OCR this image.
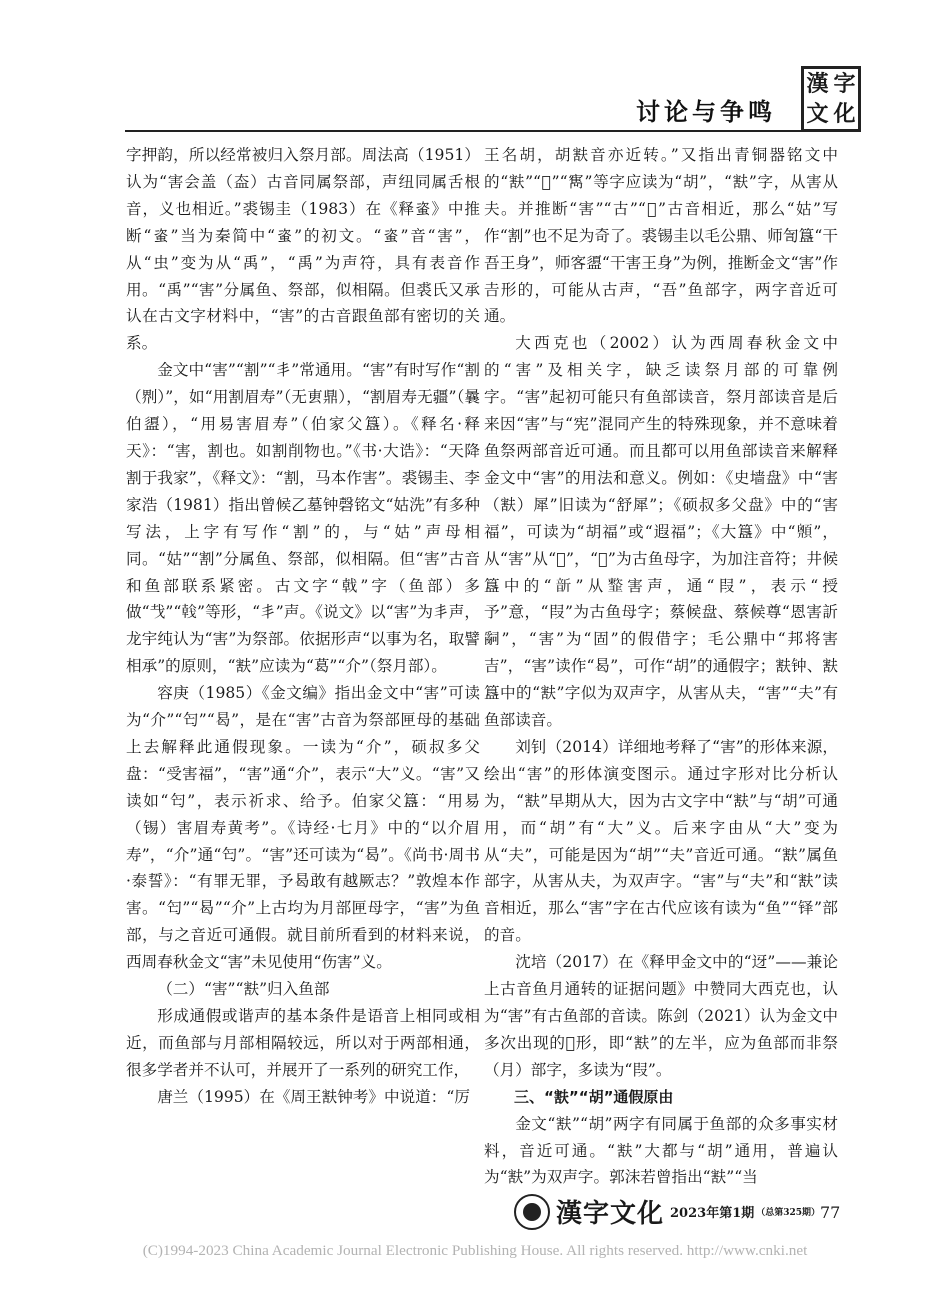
讨论与争鸣
漢 字
文 化

字押韵，所以经常被归入祭月部。周法高（1951）认为“害会盖（盇）古音同属祭部，声纽同属舌根音，义也相近。”裘锡圭（1983）在《释𧊒》中推断“𧊒”当为秦简中“𧊒”的初文。“𧊒”音“害”，从“虫”变为从“禹”，“禹”为声符，具有表音作用。“禹”“害”分属鱼、祭部，似相隔。但裘氏又承认在古文字材料中，“害”的古音跟鱼部有密切的关系。

金文中“害”“割”“丯”常通用。“害”有时写作“割（𠝹）”，如“用割眉寿”（无叀鼎），“割眉寿无疆”（曩伯盨），“用易害眉寿”（伯家父簋）。《释名·释天》：“害，割也。如割削物也。”《书·大诰》：“天降割于我家”，《释文》：“割，马本作害”。裘锡圭、李家浩（1981）指出曾候乙墓钟磬铭文“姑洗”有多种写法，上字有写作“割”的，与“姑”声母相同。“姑”“割”分属鱼、祭部，似相隔。但“害”古音和鱼部联系紧密。古文字“戟”字（鱼部）多做“𢦏”“𢧢”等形，“丯”声。《说文》以“害”为丯声，龙宇纯认为“害”为祭部。依据形声“以事为名，取譬相承”的原则，“㝬”应读为“葛”“介”（祭月部）。

容庚（1985）《金文编》指出金文中“害”可读为“介”“匄”“曷”，是在“害”古音为祭部匣母的基础上去解释此通假现象。一读为“介”，硕叔多父盘：“受害福”，“害”通“介”，表示“大”义。“害”又读如“匄”，表示祈求、给予。伯家父簋：“用易（锡）害眉寿黄考”。《诗经·七月》中的“以介眉寿”，“介”通“匄”。“害”还可读为“曷”。《尚书·周书·泰誓》：“有罪无罪，予曷敢有越厥志？”敦煌本作害。“匄”“曷”“介”上古均为月部匣母字，“害”为鱼部，与之音近可通假。就目前所看到的材料来说，西周春秋金文“害”未见使用“伤害”义。

（二）“害”“㝬”归入鱼部

形成通假或谐声的基本条件是语音上相同或相近，而鱼部与月部相隔较远，所以对于两部相通，很多学者并不认可，并展开了一系列的研究工作，

唐兰（1995）在《周王㝬钟考》中说道：“厉

王名胡，胡㝬音亦近转。”又指出青铜器铭文中的“㝬”“𦬬”“寯”等字应读为“胡”，“㝬”字，从害从夫。并推断“害”“古”“𠭯”古音相近，那么“姑”写作“割”也不足为奇了。裘锡圭以毛公鼎、师訇簋“干吾王身”，师客盨“干害王身”为例，推断金文“害”作𠮷形的，可能从古声，“吾”鱼部字，两字音近可通。

大西克也（2002）认为西周春秋金文中的“害”及相关字，缺乏读祭月部的可靠例字。“害”起初可能只有鱼部读音，祭月部读音是后来因“害”与“宪”混同产生的特殊现象，并不意味着鱼祭两部音近可通。而且都可以用鱼部读音来解释金文中“害”的用法和意义。例如：《史墙盘》中“害（㝬）犀”旧读为“舒犀”；《硕叔多父盘》中的“害福”，可读为“胡福”或“遐福”；《大簋》中“𩔅”，从“害”从“𠃬”，“𠃬”为古鱼母字，为加注音符；井候簋中的“𩐙”从𩐋害声，通“叚”，表示“授予”意，“叚”为古鱼母字；蔡候盘、蔡候尊“恩害訢𤔲”，“害”为“固”的假借字；毛公鼎中“邦将害吉”，“害”读作“曷”，可作“胡”的通假字；㝬钟、㝬簋中的“㝬”字似为双声字，从害从夫，“害”“夫”有鱼部读音。

刘钊（2014）详细地考释了“害”的形体来源，绘出“害”的形体演变图示。通过字形对比分析认为，“㝬”早期从大，因为古文字中“㝬”与“胡”可通用，而“胡”有“大”义。后来字由从“大”变为从“夫”，可能是因为“胡”“夫”音近可通。“㝬”属鱼部字，从害从夫，为双声字。“害”与“夫”和“㝬”读音相近，那么“害”字在古代应该有读为“鱼”“铎”部的音。

沈培（2017）在《释甲金文中的“迓”——兼论上古音鱼月通转的证据问题》中赞同大西克也，认为“害”有古鱼部的音读。陈剑（2021）认为金文中多次出现的𪬉形，即“㝬”的左半，应为鱼部而非祭（月）部字，多读为“叚”。

三、“㝬”“胡”通假原由

金文“㝬”“胡”两字有同属于鱼部的众多事实材料，音近可通。“㝬”大都与“胡”通用，普遍认为“㝬”为双声字。郭沫若曾指出“㝬”“当

漢字文化 2023年第1期 （总第325期） 77
(C)1994-2023 China Academic Journal Electronic Publishing House. All rights reserved. http://www.cnki.net
